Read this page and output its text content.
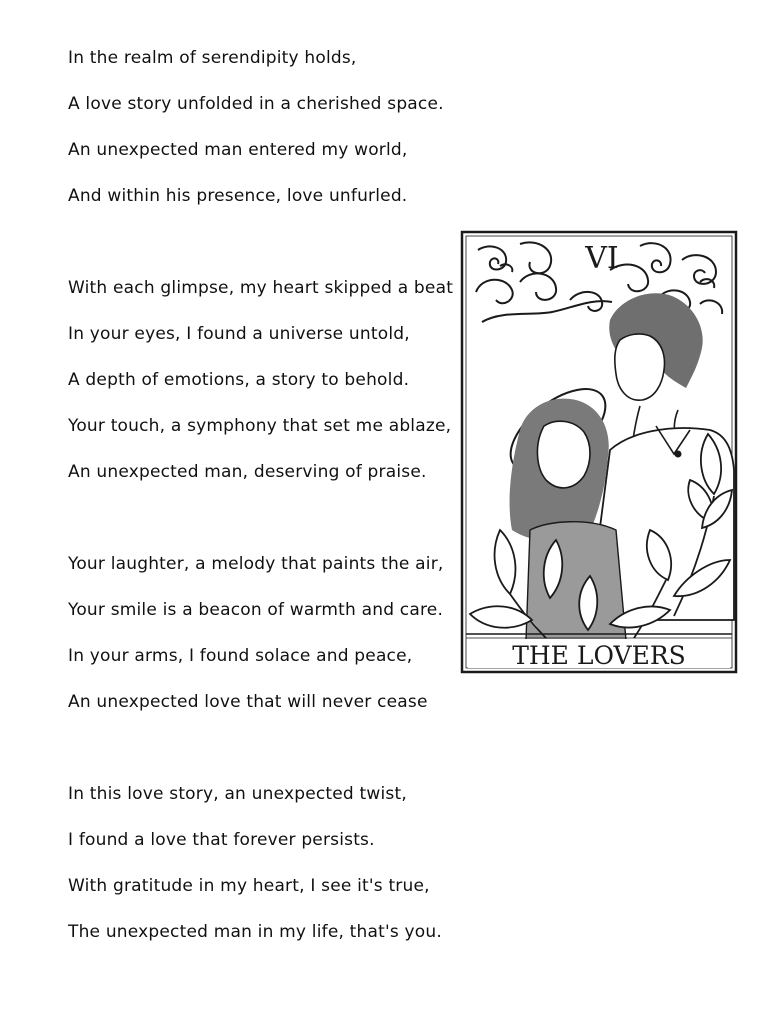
In the realm of serendipity holds,
A love story unfolded in a cherished space.
An unexpected man entered my world,
And within his presence, love unfurled.
With each glimpse, my heart skipped a beat
In your eyes, I found a universe untold,
A depth of emotions, a story to behold.
Your touch, a symphony that set me ablaze,
An unexpected man, deserving of praise.
Your laughter, a melody that paints the air,
Your smile is a beacon of warmth and care.
In your arms, I found solace and peace,
An unexpected love that will never cease
In this love story, an unexpected twist,
I found a love that forever persists.
With gratitude in my heart, I see it's true,
The unexpected man in my life, that's you.
VI
THE LOVERS
